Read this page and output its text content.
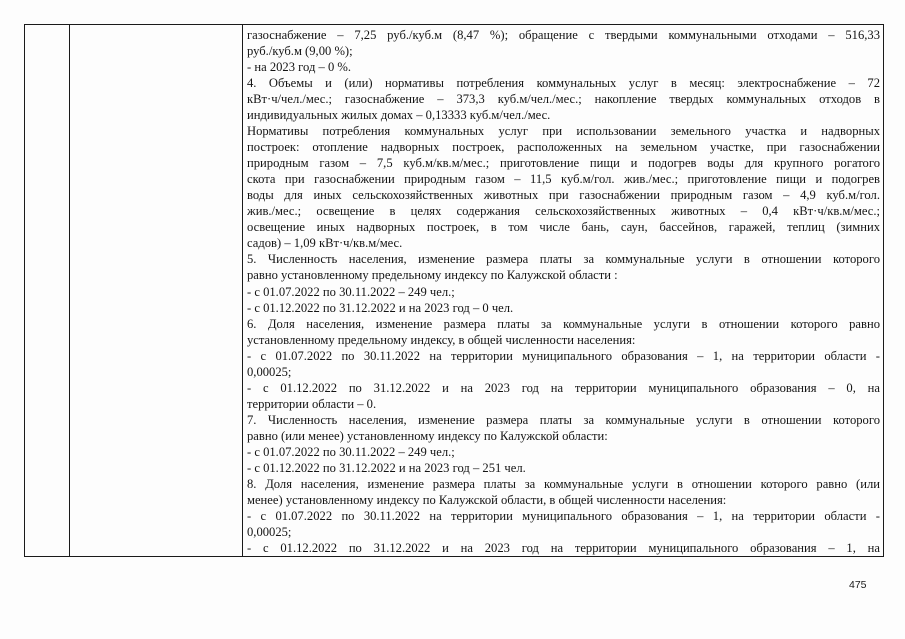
газоснабжение – 7,25 руб./куб.м (8,47 %); обращение с твердыми коммунальными отходами – 516,33
руб./куб.м (9,00 %);
- на 2023 год – 0 %.
4. Объемы и (или) нормативы потребления коммунальных услуг в месяц: электроснабжение – 72
кВт·ч/чел./мес.; газоснабжение – 373,3 куб.м/чел./мес.; накопление твердых коммунальных отходов в
индивидуальных жилых домах – 0,13333 куб.м/чел./мес.
Нормативы потребления коммунальных услуг при использовании земельного участка и надворных
построек: отопление надворных построек, расположенных на земельном участке, при газоснабжении
природным газом – 7,5 куб.м/кв.м/мес.; приготовление пищи и подогрев воды для крупного рогатого
скота при газоснабжении природным газом – 11,5 куб.м/гол. жив./мес.; приготовление пищи и подогрев
воды для иных сельскохозяйственных животных при газоснабжении природным газом – 4,9 куб.м/гол.
жив./мес.; освещение в целях содержания сельскохозяйственных животных – 0,4 кВт·ч/кв.м/мес.;
освещение иных надворных построек, в том числе бань, саун, бассейнов, гаражей, теплиц (зимних
садов) – 1,09 кВт·ч/кв.м/мес.
5. Численность населения, изменение размера платы за коммунальные услуги в отношении которого
равно установленному предельному индексу по Калужской области :
- с 01.07.2022 по 30.11.2022 – 249 чел.;
- с 01.12.2022 по 31.12.2022 и на 2023 год – 0 чел.
6. Доля населения, изменение размера платы за коммунальные услуги в отношении которого равно
установленному предельному индексу, в общей численности населения:
- с 01.07.2022 по 30.11.2022 на территории муниципального образования – 1, на территории области -
0,00025;
- с 01.12.2022 по 31.12.2022 и на 2023 год на территории муниципального образования – 0, на
территории области – 0.
7. Численность населения, изменение размера платы за коммунальные услуги в отношении которого
равно (или менее) установленному индексу по Калужской области:
- с 01.07.2022 по 30.11.2022 – 249 чел.;
- с 01.12.2022 по 31.12.2022 и на 2023 год – 251 чел.
8. Доля населения, изменение размера платы за коммунальные услуги в отношении которого равно (или
менее) установленному индексу по Калужской области, в общей численности населения:
- с 01.07.2022 по 30.11.2022 на территории муниципального образования – 1, на территории области -
0,00025;
- с 01.12.2022 по 31.12.2022 и на 2023 год на территории муниципального образования – 1, на
475
